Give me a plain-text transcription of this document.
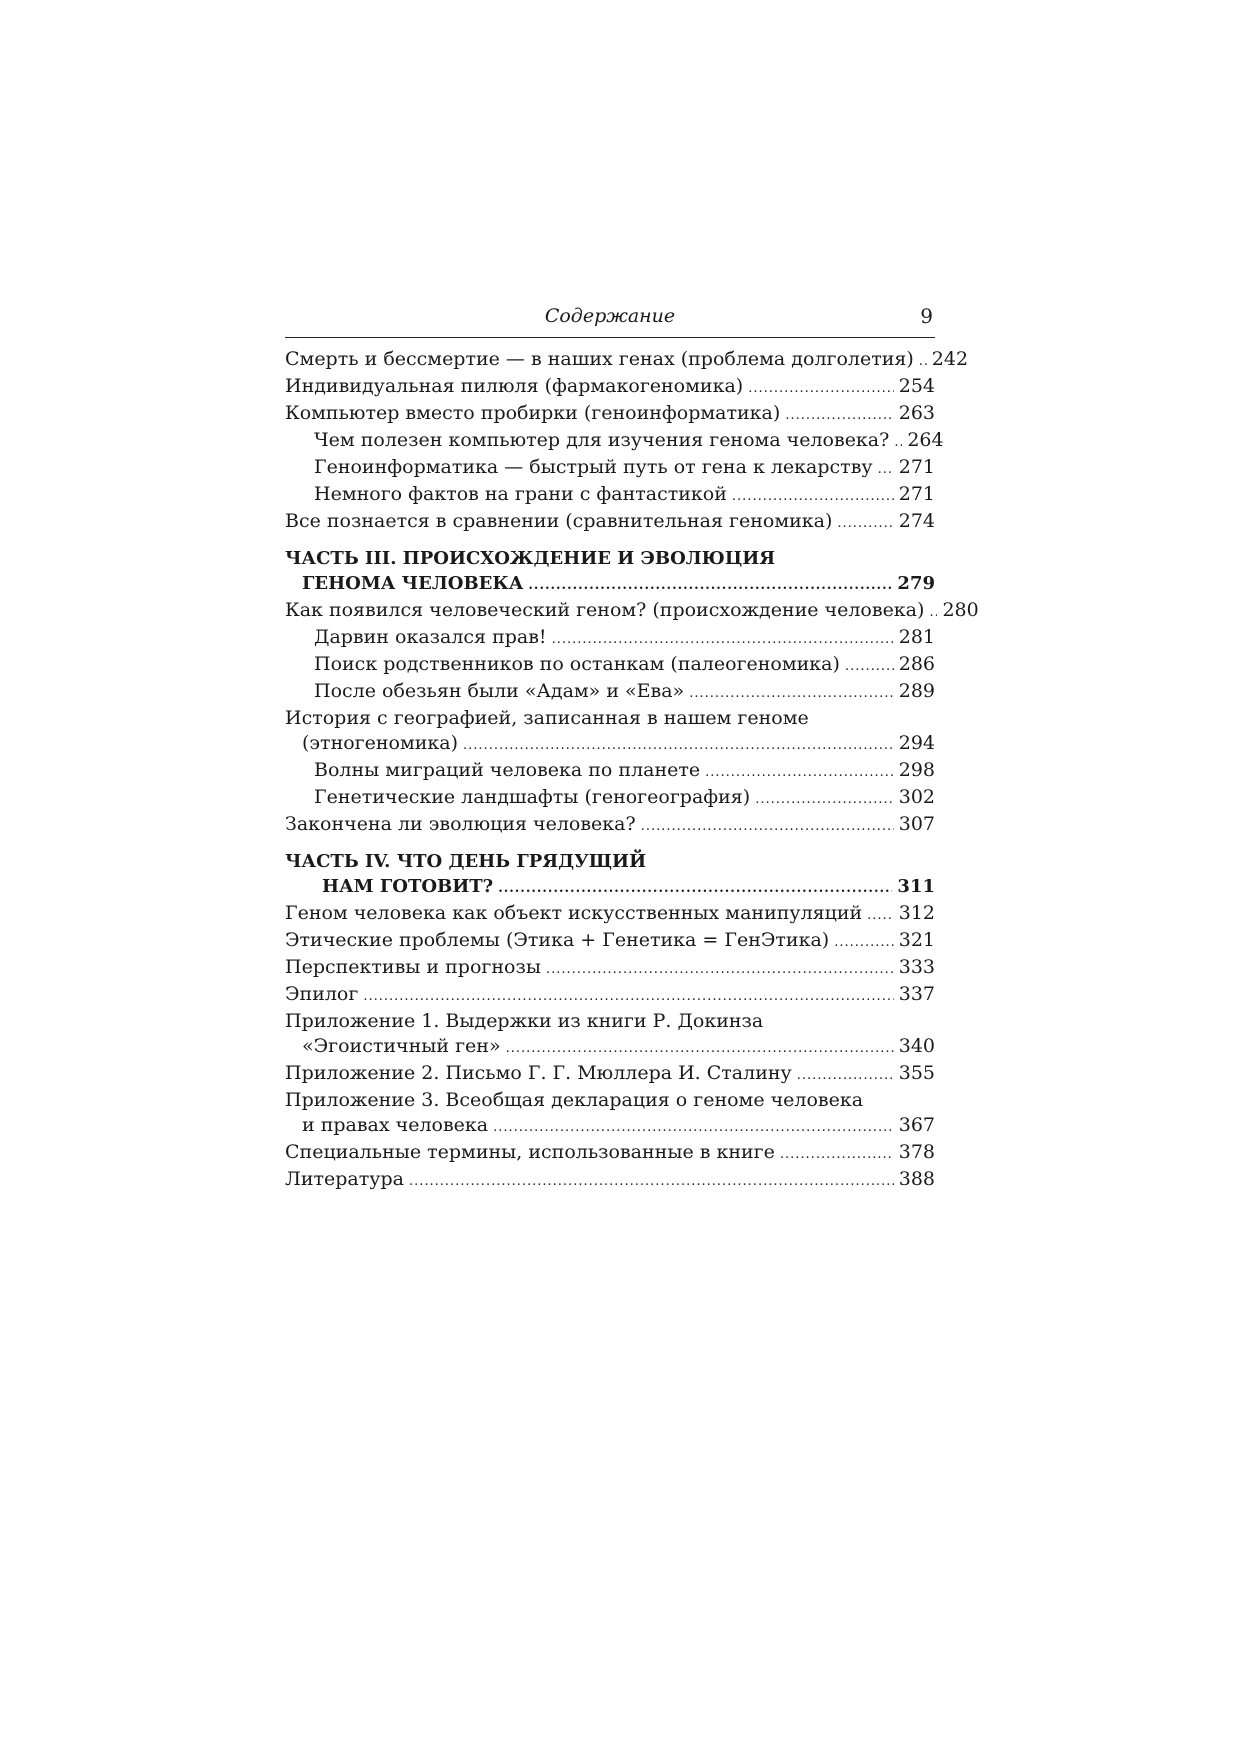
Содержание	9
Смерть и бессмертие — в наших генах (проблема долголетия) ..... 242
Индивидуальная пилюля (фармакогеномика) .....	254
Компьютер вместо пробирки (геноинформатика) .....	263
Чем полезен компьютер для изучения генома человека? ..... 264
Геноинформатика — быстрый путь от гена к лекарству ..... 271
Немного фактов на грани с фантастикой .....	271
Все познается в сравнении (сравнительная геномика) .....	274
ЧАСТЬ III. ПРОИСХОЖДЕНИЕ И ЭВОЛЮЦИЯ
ГЕНОМА ЧЕЛОВЕКА .....	279
Как появился человеческий геном? (происхождение человека) ..... 280
Дарвин оказался прав! .....	281
Поиск родственников по останкам (палеогеномика) .....	286
После обезьян были «Адам» и «Ева» .....	289
История с географией, записанная в нашем геноме
(этногеномика) .....	294
Волны миграций человека по планете .....	298
Генетические ландшафты (геногеография) .....	302
Закончена ли эволюция человека? .....	307
ЧАСТЬ IV. ЧТО ДЕНЬ ГРЯДУЩИЙ
НАМ ГОТОВИТ? .....	311
Геном человека как объект искусственных манипуляций ..... 312
Этические проблемы (Этика + Генетика = ГенЭтика) .....	321
Перспективы и прогнозы .....	333
Эпилог .....	337
Приложение 1. Выдержки из книги Р. Докинза
«Эгоистичный ген» .....	340
Приложение 2. Письмо Г. Г. Мюллера И. Сталину .....	355
Приложение 3. Всеобщая декларация о геноме человека
и правах человека .....	367
Специальные термины, использованные в книге .....	378
Литература .....	388
